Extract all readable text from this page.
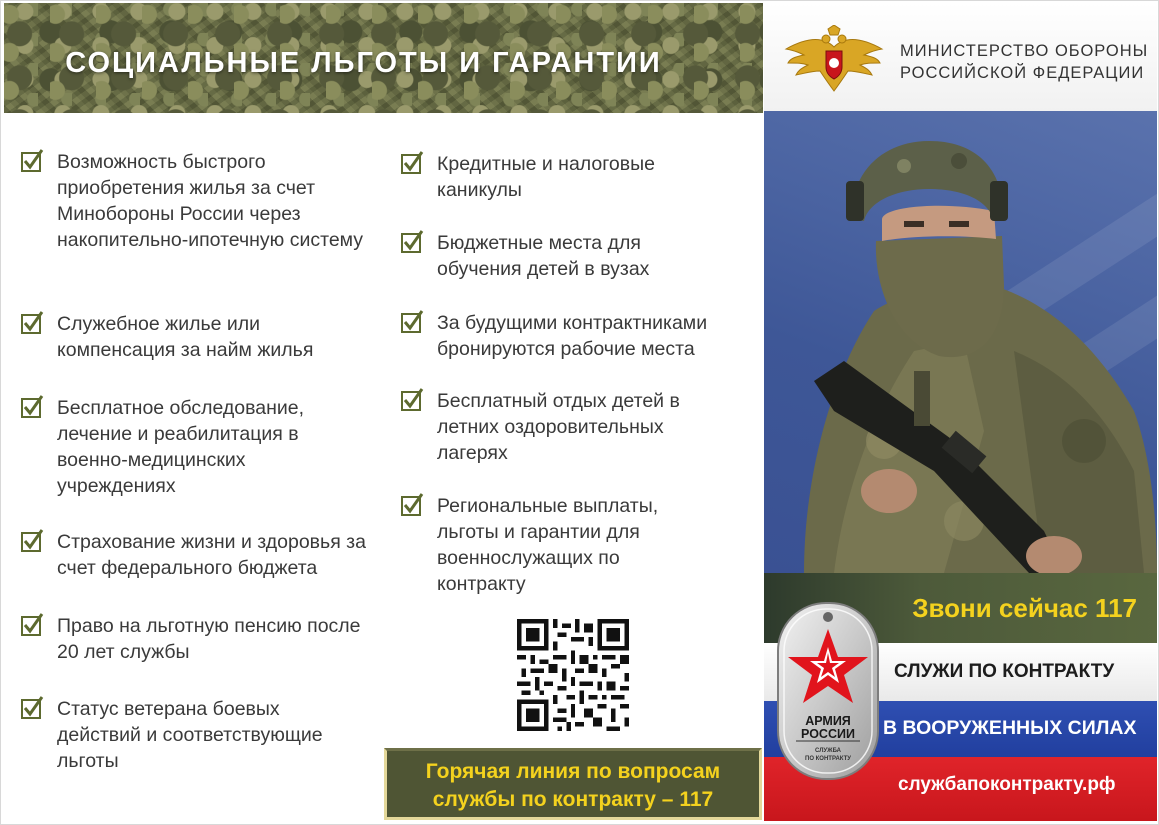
СОЦИАЛЬНЫЕ ЛЬГОТЫ И ГАРАНТИИ	МИНИСТЕРСТВО ОБОРОНЫ
РОССИЙСКОЙ ФЕДЕРАЦИИ
Возможность быстрого приобретения жилья за счет Минобороны России через накопительно-ипотечную систему
Служебное жилье или компенсация за найм жилья
Бесплатное обследование, лечение и реабилитация в военно-медицинских учреждениях
Страхование жизни и здоровья за счет федерального бюджета
Право на льготную пенсию после 20 лет службы
Статус ветерана боевых действий и соответствующие льготы
Кредитные и налоговые каникулы
Бюджетные места для обучения детей в вузах
За будущими контрактниками бронируются рабочие места
Бесплатный отдых детей в летних оздоровительных лагерях
Региональные выплаты, льготы и гарантии для военнослужащих по контракту
Горячая линия по вопросам
службы по контракту – 117
Звони сейчас 117
СЛУЖИ ПО КОНТРАКТУ
В ВООРУЖЕННЫХ СИЛАХ
службапоконтракту.рф
АРМИЯ
РОССИИ
СЛУЖБА
ПО КОНТРАКТУ
